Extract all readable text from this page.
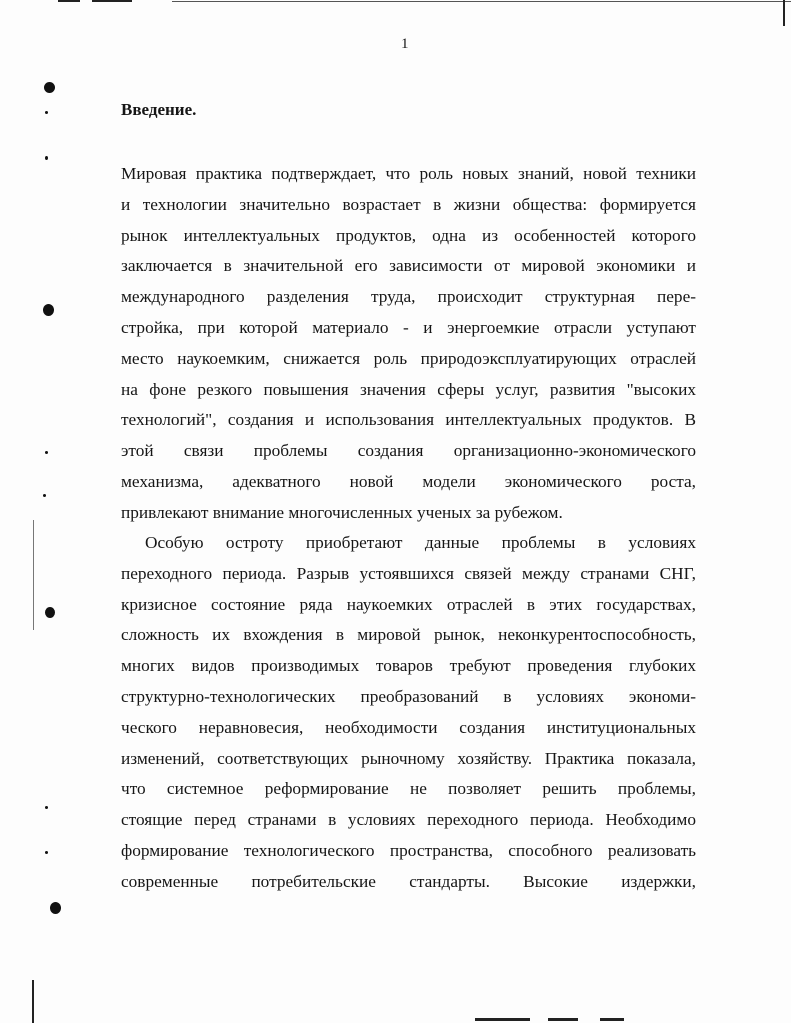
1
Введение.
Мировая практика подтверждает, что роль новых знаний, новой техники
и технологии значительно возрастает в жизни общества: формируется
рынок интеллектуальных продуктов, одна из особенностей которого
заключается в значительной его зависимости от мировой экономики и
международного разделения труда, происходит структурная пере-
стройка, при которой материало - и энергоемкие отрасли уступают
место наукоемким, снижается роль природоэксплуатирующих отраслей
на фоне резкого повышения значения сферы услуг, развития "высоких
технологий", создания и использования интеллектуальных продуктов. В
этой связи проблемы создания организационно-экономического
механизма, адекватного новой модели экономического роста,
привлекают внимание многочисленных ученых за рубежом.
Особую остроту приобретают данные проблемы в условиях
переходного периода. Разрыв устоявшихся связей между странами СНГ,
кризисное состояние ряда наукоемких отраслей в этих государствах,
сложность их вхождения в мировой рынок, неконкурентоспособность,
многих видов производимых товаров требуют проведения глубоких
структурно-технологических преобразований в условиях экономи-
ческого неравновесия, необходимости создания институциональных
изменений, соответствующих рыночному хозяйству. Практика показала,
что системное реформирование не позволяет решить проблемы,
стоящие перед странами в условиях переходного периода. Необходимо
формирование технологического пространства, способного реализовать
современные потребительские стандарты. Высокие издержки,
